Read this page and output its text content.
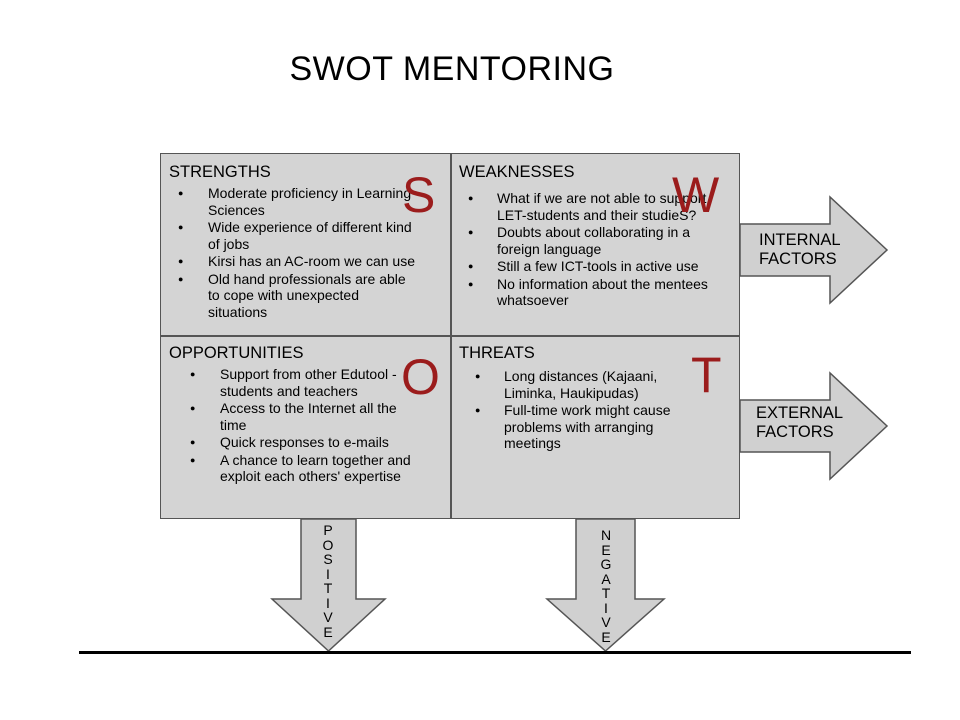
SWOT MENTORING
INTERNAL
FACTORS
EXTERNAL
FACTORS
P
O
S
I
T
I
V
E
N
E
G
A
T
I
V
E
STRENGTHS
● Moderate proficiency in Learning Sciences
● Wide experience of different kind of jobs
● Kirsi has an AC-room we can use
● Old hand professionals are able to cope with unexpected situations
WEAKNESSES
● What if we are not able to support LET-students and their studieS?
● Doubts about collaborating in a foreign language
● Still a few ICT-tools in active use
● No information about the mentees whatsoever
OPPORTUNITIES
● Support from other Edutool -students and teachers
● Access to the Internet all the time
● Quick responses to e-mails
● A chance to learn together and exploit each others' expertise
THREATS
● Long distances (Kajaani, Liminka, Haukipudas)
● Full-time work might cause problems with arranging meetings
S	W
O	T
